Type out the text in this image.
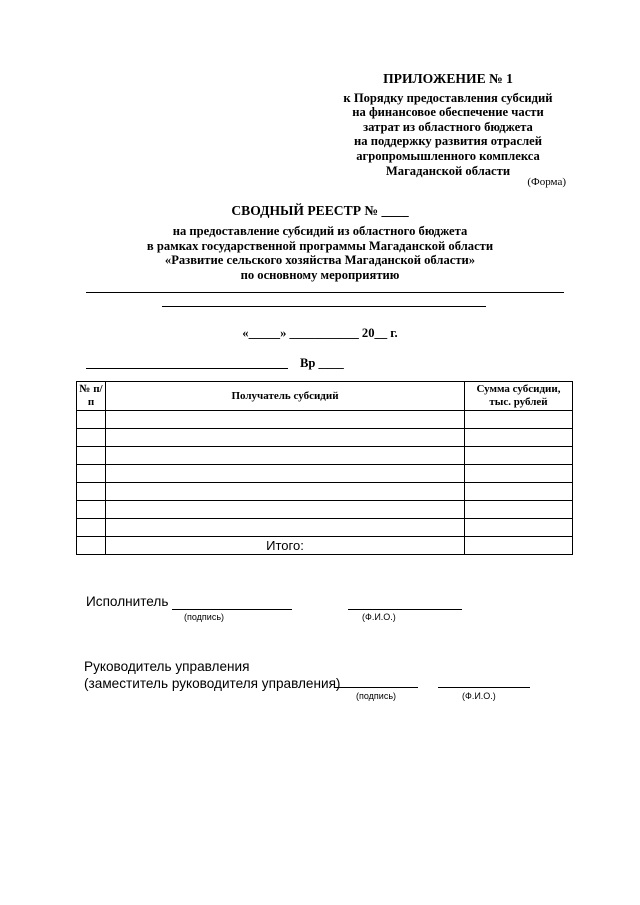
ПРИЛОЖЕНИЕ № 1
к Порядку предоставления субсидий
на финансовое обеспечение части
затрат из областного бюджета
на поддержку развития отраслей
агропромышленного комплекса
Магаданской области
(Форма)
СВОДНЫЙ РЕЕСТР № ____
на предоставление субсидий из областного бюджета
в рамках государственной программы Магаданской области
«Развитие сельского хозяйства Магаданской области»
по основному мероприятию
«_____» ___________ 20__ г.
Вр ____
№ п/п	Получатель субсидий	Сумма субсидии, тыс. рублей

	Итого:	
Исполнитель
(подпись)	(Ф.И.О.)
Руководитель управления
(заместитель руководителя управления)
(подпись)	(Ф.И.О.)
